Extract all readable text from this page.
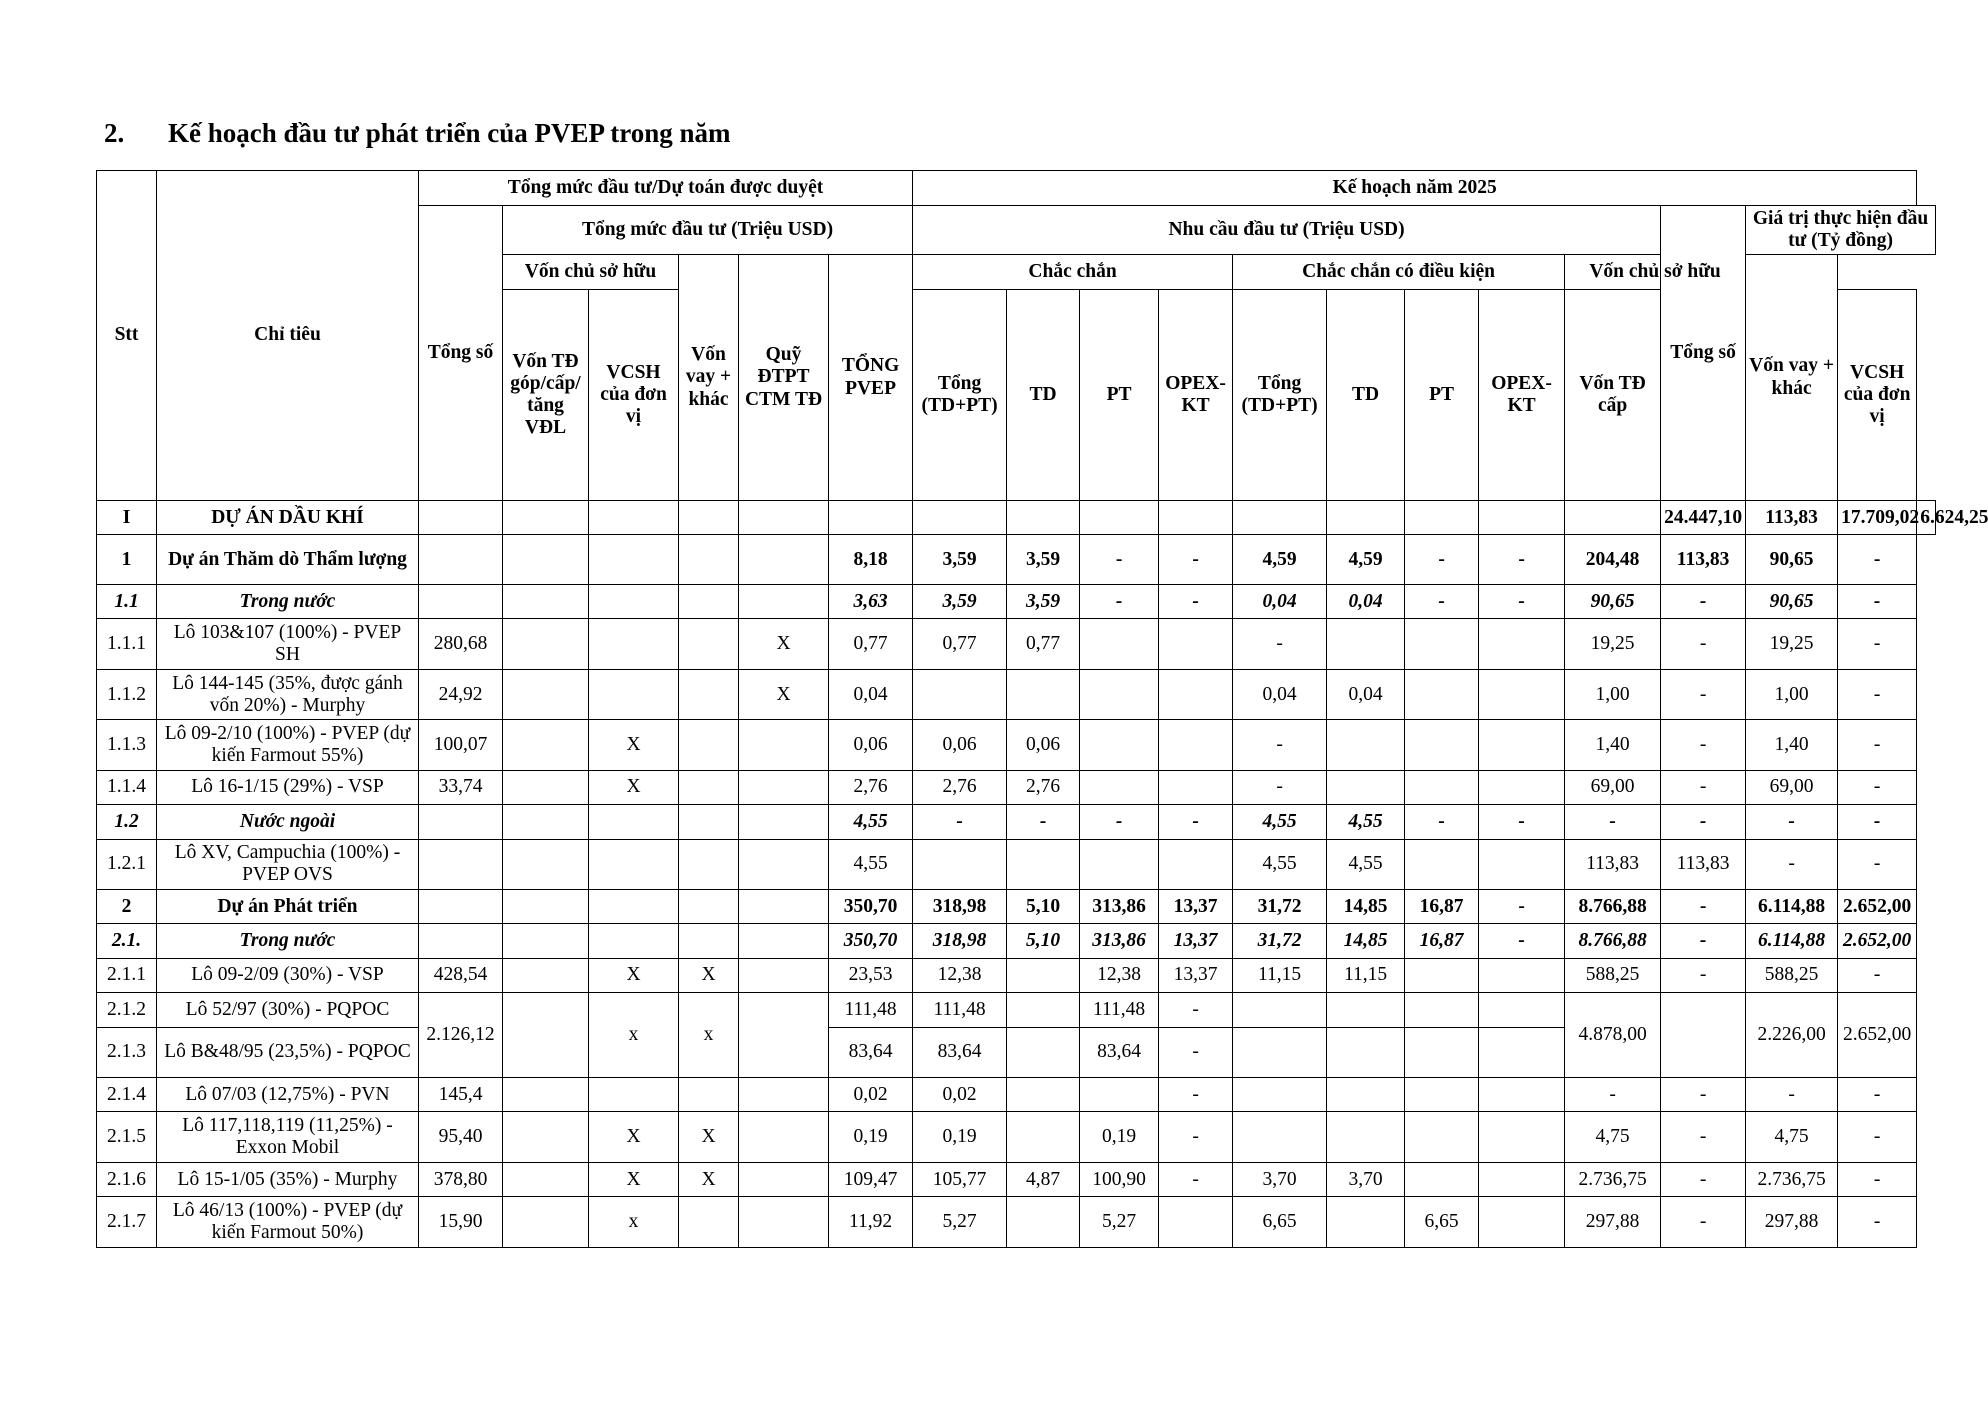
2. Kế hoạch đầu tư phát triển của PVEP trong năm
Stt	Chỉ tiêu	Tổng mức đầu tư/Dự toán được duyệt						Kế hoạch năm 2025												
		Tổng số	Tổng mức đầu tư (Triệu USD)					Nhu cầu đầu tư (Triệu USD)									Tổng số	Giá trị thực hiện đầu tư (Tỷ đồng)		
			Vốn chủ sở hữu		Vốn vay + khác	Quỹ ĐTPT CTM TĐ	TỔNG PVEP	Chắc chắn				Chắc chắn có điều kiện				Vốn chủ sở hữu		Vốn vay + khác		
			Vốn TĐ góp/cấp/ tăng VĐL	VCSH của đơn vị				Tổng (TD+PT)	TD	PT	OPEX-KT	Tổng (TD+PT)	TD	PT	OPEX-KT	Vốn TĐ cấp			VCSH của đơn vị	
I	DỰ ÁN DẦU KHÍ																24.447,10	113,83	17.709,02	6.624,25
1	Dự án Thăm dò Thẩm lượng						8,18	3,59	3,59	-	-	4,59	4,59	-	-	204,48	113,83	90,65	-	
1.1	Trong nước						3,63	3,59	3,59	-	-	0,04	0,04	-	-	90,65	-	90,65	-	
1.1.1	Lô 103&107 (100%) - PVEP SH	280,68				X	0,77	0,77	0,77			-				19,25	-	19,25	-	
1.1.2	Lô 144-145 (35%, được gánh vốn 20%) - Murphy	24,92				X	0,04					0,04	0,04			1,00	-	1,00	-	
1.1.3	Lô 09-2/10 (100%) - PVEP (dự kiến Farmout 55%)	100,07		X			0,06	0,06	0,06			-				1,40	-	1,40	-	
1.1.4	Lô 16-1/15 (29%) - VSP	33,74		X			2,76	2,76	2,76			-				69,00	-	69,00	-	
1.2	Nước ngoài						4,55	-	-	-	-	4,55	4,55	-	-	-	-	-	-	
1.2.1	Lô XV, Campuchia (100%) - PVEP OVS						4,55					4,55	4,55			113,83	113,83	-	-	
2	Dự án Phát triển						350,70	318,98	5,10	313,86	13,37	31,72	14,85	16,87	-	8.766,88	-	6.114,88	2.652,00	
2.1.	Trong nước						350,70	318,98	5,10	313,86	13,37	31,72	14,85	16,87	-	8.766,88	-	6.114,88	2.652,00	
2.1.1	Lô 09-2/09 (30%) - VSP	428,54		X	X		23,53	12,38		12,38	13,37	11,15	11,15			588,25	-	588,25	-	
2.1.2	Lô 52/97 (30%) - PQPOC	2.126,12		x	x		111,48	111,48		111,48	-					4.878,00		2.226,00	2.652,00	
2.1.3	Lô B&48/95 (23,5%) - PQPOC						83,64	83,64		83,64	-									
2.1.4	Lô 07/03 (12,75%) - PVN	145,4					0,02	0,02			-					-	-	-	-	
2.1.5	Lô 117,118,119 (11,25%) - Exxon Mobil	95,40		X	X		0,19	0,19		0,19	-					4,75	-	4,75	-	
2.1.6	Lô 15-1/05 (35%) - Murphy	378,80		X	X		109,47	105,77	4,87	100,90	-	3,70	3,70			2.736,75	-	2.736,75	-	
2.1.7	Lô 46/13 (100%) - PVEP (dự kiến Farmout 50%)	15,90		x			11,92	5,27		5,27		6,65		6,65		297,88	-	297,88	-	
